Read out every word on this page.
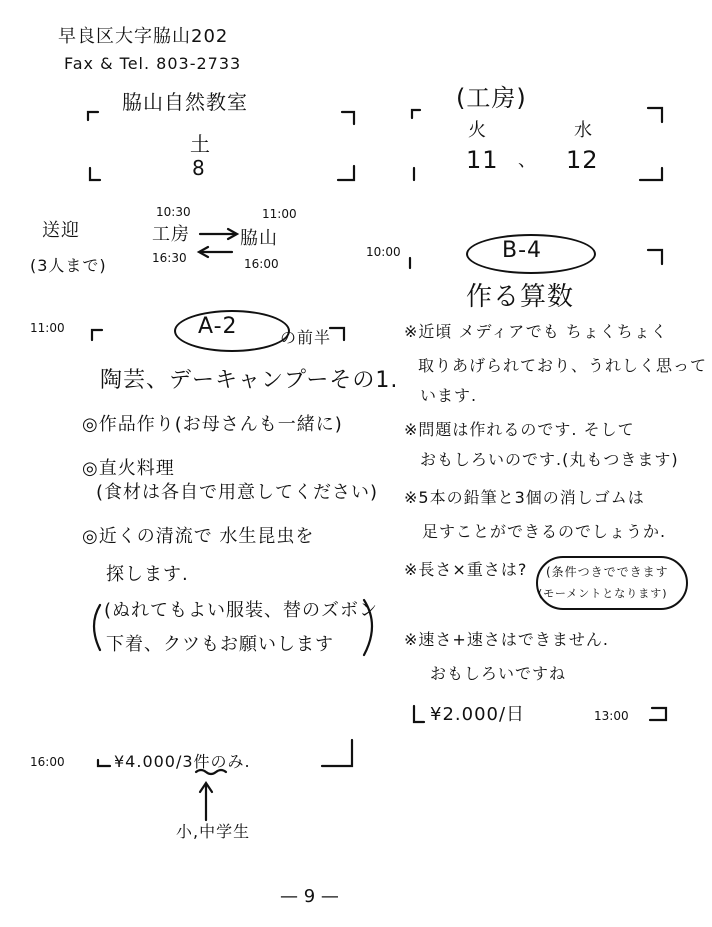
早良区大字脇山202
Fax & Tel. 803-2733
脇山自然教室
土
8
(工房)
火	水
11 、 12
送迎
(3人まで)
10:30	11:00
工房	脇山
16:30	16:00
10:00
11:00	A-2	の前半
陶芸、デーキャンプーその1.
◎作品作り(お母さんも一緒に)
◎直火料理
(食材は各自で用意してください)
◎近くの清流で 水生昆虫を
探します.
(ぬれてもよい服装、替のズボン
下着、クツもお願いします
16:00	¥4.000/3件のみ.
小,中学生
B-4
作る算数
※近頃 メディアでも ちょくちょく
取りあげられており、うれしく思って
います.
※問題は作れるのです. そして
おもしろいのです.(丸もつきます)
※5本の鉛筆と3個の消しゴムは
足すことができるのでしょうか.
※長さ×重さは? (条件つきでできます
(モーメントとなります)
※速さ+速さはできません.
おもしろいですね
¥2.000/日	13:00
— 9 —
